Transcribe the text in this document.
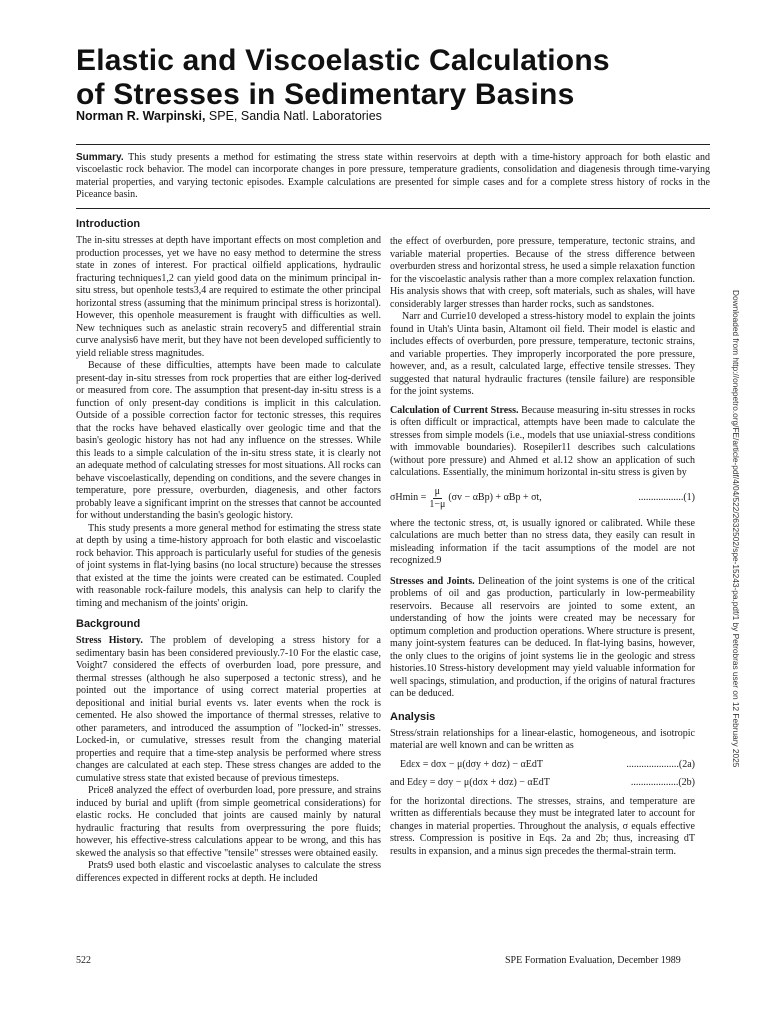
Elastic and Viscoelastic Calculations
of Stresses in Sedimentary Basins
Norman R. Warpinski, SPE, Sandia Natl. Laboratories
Summary. This study presents a method for estimating the stress state within reservoirs at depth with a time-history approach for both elastic and viscoelastic rock behavior. The model can incorporate changes in pore pressure, temperature gradients, consolidation and diagenesis through time-varying material properties, and varying tectonic episodes. Example calculations are presented for simple cases and for a complete stress history of rocks in the Piceance basin.
Introduction

The in-situ stresses at depth have important effects on most completion and production processes, yet we have no easy method to determine the stress state in zones of interest. For practical oilfield applications, hydraulic fracturing techniques1,2 can yield good data on the minimum principal in-situ stress, but openhole tests3,4 are required to estimate the other principal horizontal stress (assuming that the minimum principal stress is horizontal). However, this openhole measurement is fraught with difficulties as well. New techniques such as anelastic strain recovery5 and differential strain curve analysis6 have merit, but they have not been developed sufficiently to yield reliable stress magnitudes.

Because of these difficulties, attempts have been made to calculate present-day in-situ stresses from rock properties that are either log-derived or measured from core. The assumption that present-day in-situ stress is a function of only present-day conditions is implicit in this calculation. Outside of a possible correction factor for tectonic stresses, this requires that the rocks have behaved elastically over geologic time and that the basin's geologic history has not had any influence on the stresses. While this leads to a simple calculation of the in-situ stress state, it is clearly not an adequate method of calculating stresses for most situations. All rocks can behave viscoelastically, depending on conditions, and the severe changes in temperature, pore pressure, overburden, diagenesis, and other factors probably leave a significant imprint on the stresses that cannot be accounted for without understanding the basin's geologic history.

This study presents a more general method for estimating the stress state at depth by using a time-history approach for both elastic and viscoelastic rock behavior. This approach is particularly useful for studies of the genesis of joint systems in flat-lying basins (no local structure) because the stresses that existed at the time the joints were created can be estimated. Coupled with reasonable rock-failure models, this analysis can help to clarify the timing and mechanism of the joints' origin.

Background

Stress History. The problem of developing a stress history for a sedimentary basin has been considered previously.7-10 For the elastic case, Voight7 considered the effects of overburden load, pore pressure, and thermal stresses (although he also superposed a tectonic stress), and he pointed out the importance of using correct material properties at depositional and initial burial events vs. later events when the rock is cemented. He also showed the importance of thermal stresses, relative to other parameters, and introduced the assumption of "locked-in" stresses. Locked-in, or cumulative, stresses result from the changing material properties and require that a time-step analysis be performed where stress changes are calculated at each step. These stress changes are added to the cumulative stress state that existed because of previous timesteps.

Price8 analyzed the effect of overburden load, pore pressure, and strains induced by burial and uplift (from simple geometrical considerations) for elastic rocks. He concluded that joints are caused mainly by natural hydraulic fracturing that results from overpressuring the pore fluids; however, his effective-stress calculations appear to be wrong, and this has skewed the analysis so that effective "tensile" stresses were obtained easily.

Prats9 used both elastic and viscoelastic analyses to calculate the stress differences expected in different rocks at depth. He included

the effect of overburden, pore pressure, temperature, tectonic strains, and variable material properties. Because of the stress difference between overburden stress and horizontal stress, he used a simple relaxation function for the viscoelastic analysis rather than a more complex relaxation function. His analysis shows that with creep, soft materials, such as shales, will have considerably larger stresses than harder rocks, such as sandstones.

Narr and Currie10 developed a stress-history model to explain the joints found in Utah's Uinta basin, Altamont oil field. Their model is elastic and includes effects of overburden, pore pressure, temperature, tectonic strains, and variable properties. They improperly incorporated the pore pressure, however, and, as a result, calculated large, effective tensile stresses. They suggested that natural hydraulic fractures (tensile failure) are responsible for the joint systems.

Calculation of Current Stress. Because measuring in-situ stresses in rocks is often difficult or impractical, attempts have been made to calculate the stresses from simple models (i.e., models that use uniaxial-stress conditions with immovable boundaries). Rosepiler11 describes such calculations (without pore pressure) and Ahmed et al.12 show an application of such calculations. Essentially, the minimum horizontal in-situ stress is given by

$\sigma Hmin = \frac{\mu}{1-\mu} (\sigma v - \alpha Bp) + \alpha Bp + \sigma t$,	..................(1)

where the tectonic stress, σt, is usually ignored or calibrated. While these calculations are much better than no stress data, they easily can result in misleading information if the tacit assumptions of the model are not recognized.9

Stresses and Joints. Delineation of the joint systems is one of the critical problems of oil and gas production, particularly in low-permeability reservoirs. Because all reservoirs are jointed to some extent, an understanding of how the joints were created may be necessary for optimum completion and production operations. Where structure is present, many joint-system features can be deduced. In flat-lying basins, however, the only clues to the origins of joint systems lie in the geologic and stress histories.10 Stress-history development may yield valuable information for well spacings, stimulation, and production, if the origins of natural fractures can be deduced.

Analysis

Stress/strain relationships for a linear-elastic, homogeneous, and isotropic material are well known and can be written as

Edεx = dσx − μ(dσy + dσz) − αEdT	.....................(2a)
and Edεy = dσy − μ(dσx + dσz) − αEdT	...................(2b)

for the horizontal directions. The stresses, strains, and temperature are written as differentials because they must be integrated later to account for changes in material properties. Throughout the analysis, σ equals effective stress. Compression is positive in Eqs. 2a and 2b; thus, increasing dT results in expansion, and a minus sign precedes the thermal-strain term.

522	SPE Formation Evaluation, December 1989
Downloaded from http://onepetro.org/FE/article-pdf/4/04/522/2632502/spe-15243-pa.pdf/1 by Petrobras user on 12 February 2025
